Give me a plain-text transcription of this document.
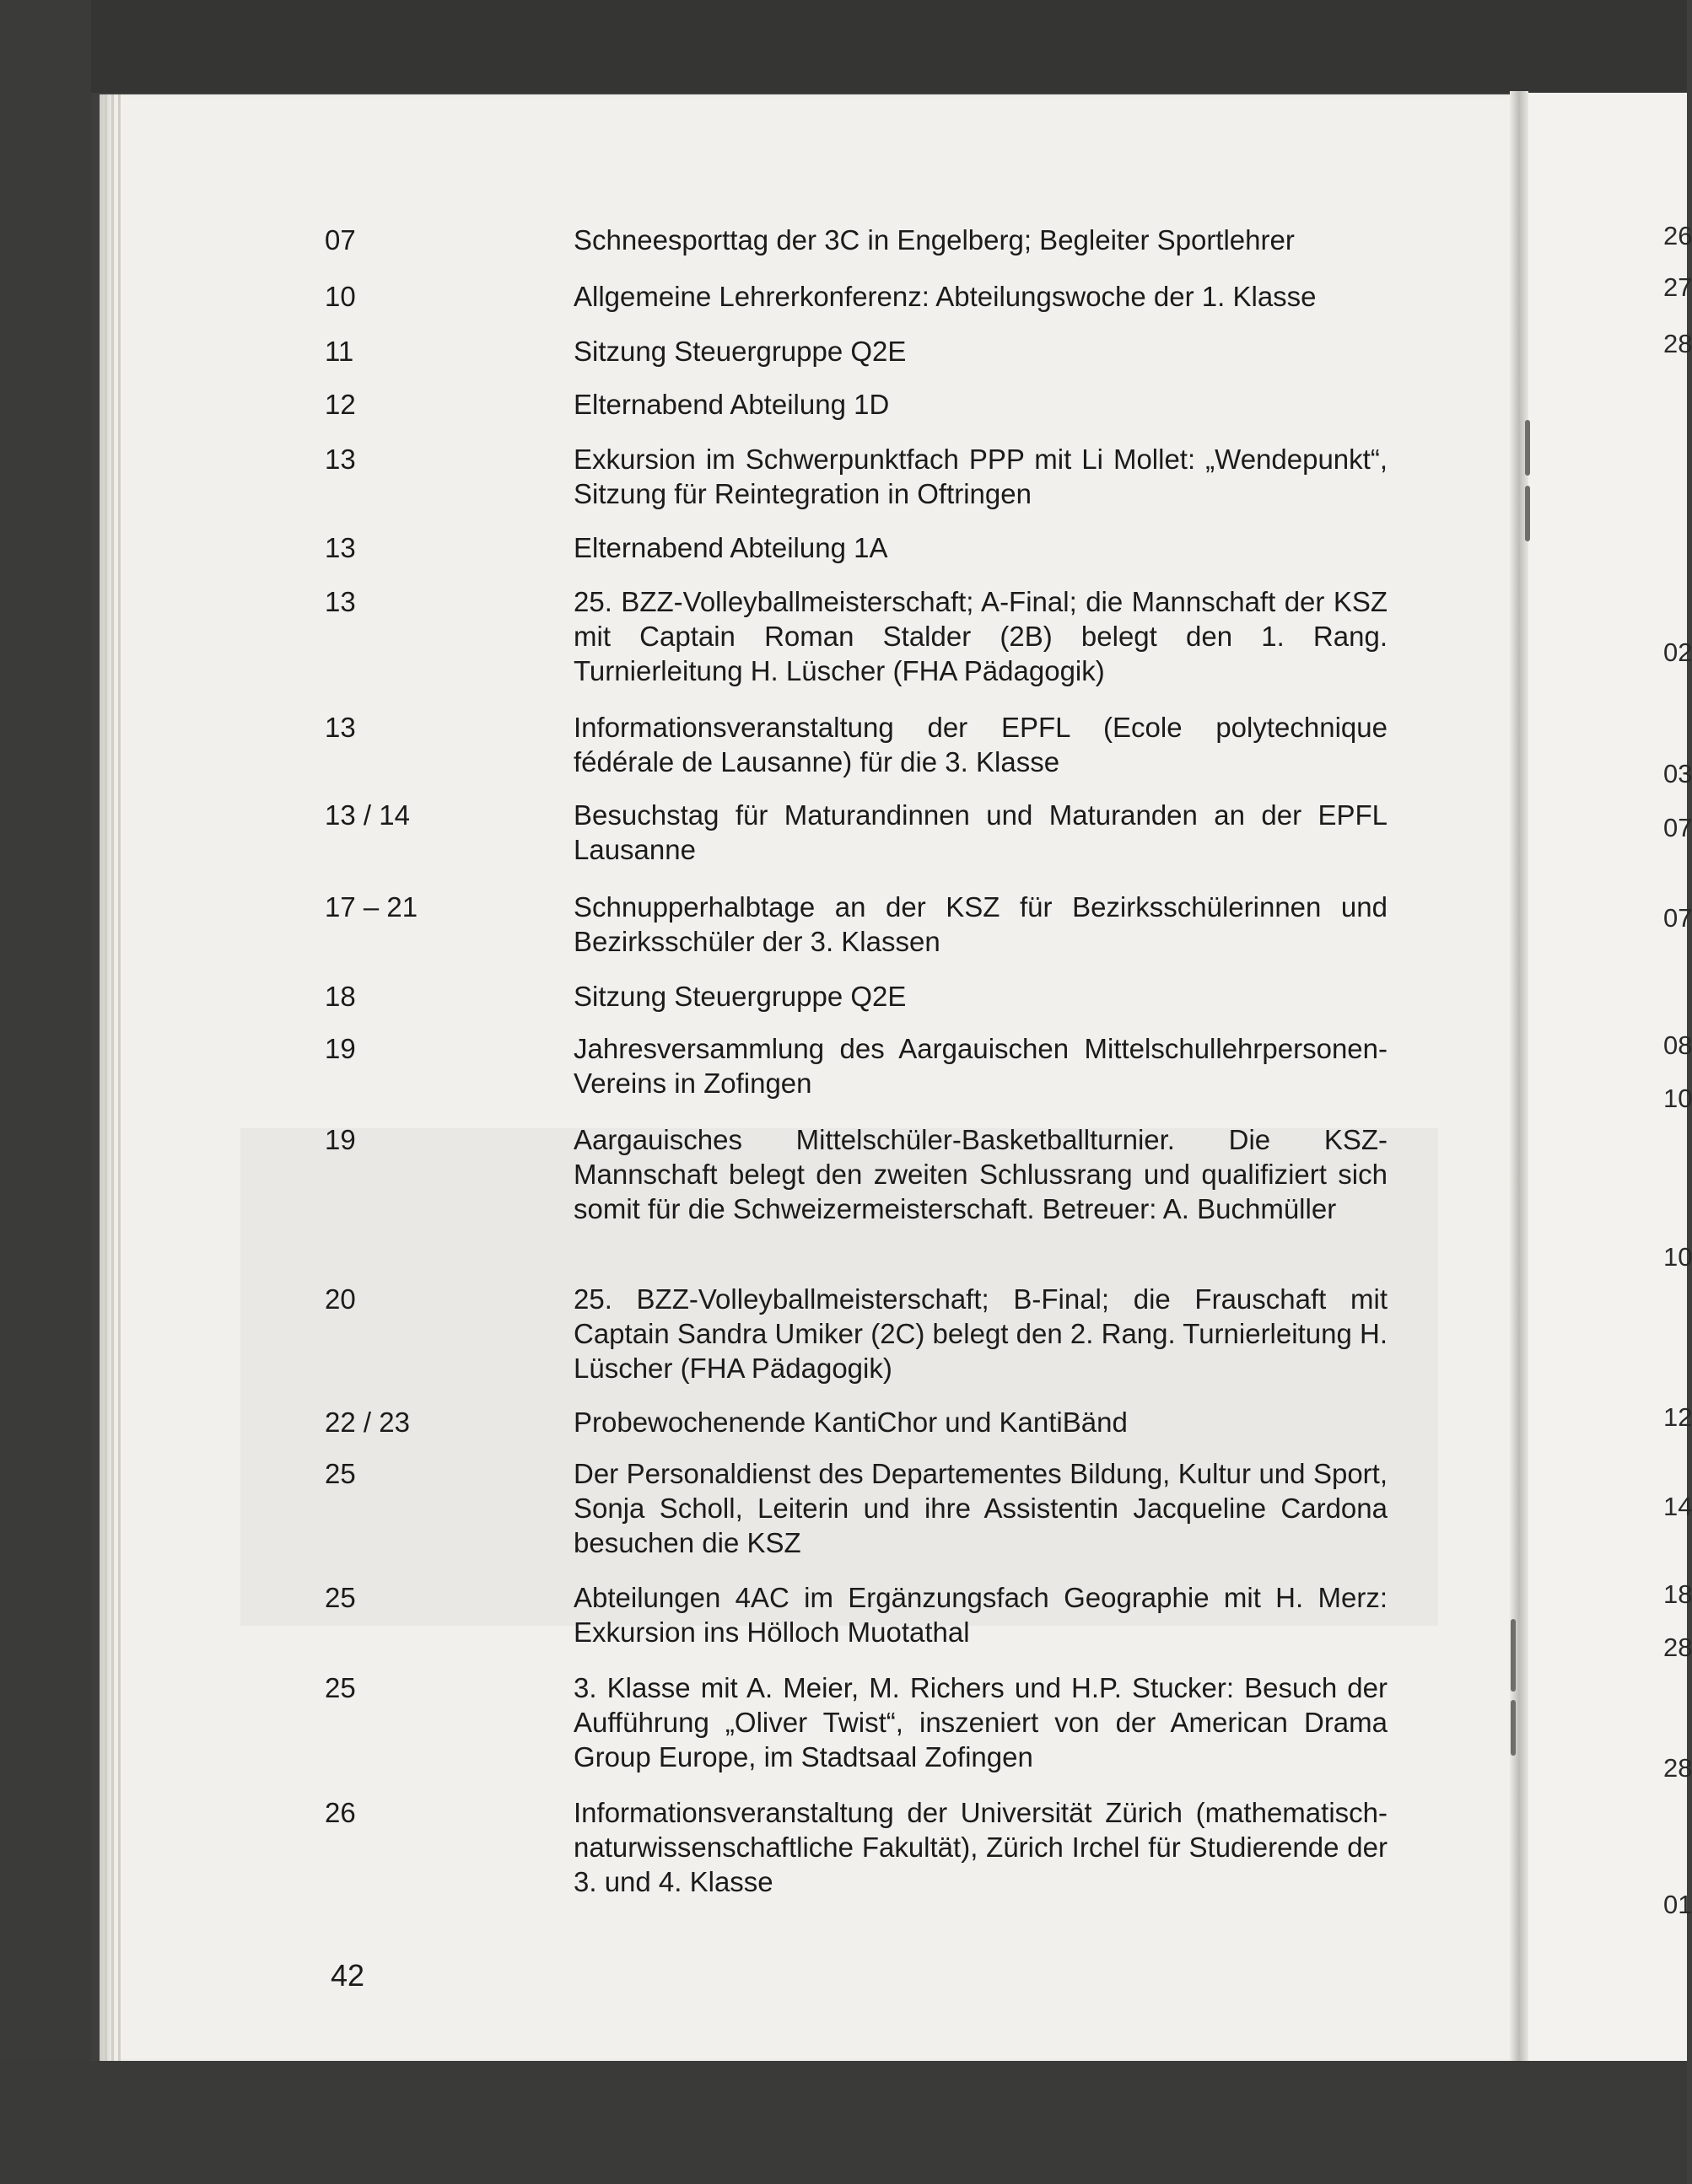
07	Schneesporttag der 3C in Engelberg; Begleiter Sportlehrer
10	Allgemeine Lehrerkonferenz: Abteilungswoche der 1. Klasse
11	Sitzung Steuergruppe Q2E
12	Elternabend Abteilung 1D
13	Exkursion im Schwerpunktfach PPP mit Li Mollet: „Wendepunkt“, Sitzung für Reintegration in Oftringen
13	Elternabend Abteilung 1A
13	25. BZZ-Volleyballmeisterschaft; A-Final; die Mannschaft der KSZ mit Captain Roman Stalder (2B) belegt den 1. Rang. Turnierleitung H. Lüscher (FHA Pädagogik)
13	Informationsveranstaltung der EPFL (Ecole polytechnique fédérale de Lausanne) für die 3. Klasse
13 / 14	Besuchstag für Maturandinnen und Maturanden an der EPFL Lausanne
17 – 21	Schnupperhalbtage an der KSZ für Bezirksschülerinnen und Bezirksschüler der 3. Klassen
18	Sitzung Steuergruppe Q2E
19	Jahresversammlung des Aargauischen Mittelschullehrpersonen-Vereins in Zofingen
19	Aargauisches Mittelschüler-Basketballturnier. Die KSZ-Mannschaft belegt den zweiten Schlussrang und qualifiziert sich somit für die Schweizermeisterschaft. Betreuer: A. Buchmüller
20	25. BZZ-Volleyballmeisterschaft; B-Final; die Frauschaft mit Captain Sandra Umiker (2C) belegt den 2. Rang. Turnierleitung H. Lüscher (FHA Pädagogik)
22 / 23	Probewochenende KantiChor und KantiBänd
25	Der Personaldienst des Departementes Bildung, Kultur und Sport, Sonja Scholl, Leiterin und ihre Assistentin Jacqueline Cardona besuchen die KSZ
25	Abteilungen 4AC im Ergänzungsfach Geographie mit H. Merz: Exkursion ins Hölloch Muotathal
25	3. Klasse mit A. Meier, M. Richers und H.P. Stucker: Besuch der Aufführung „Oliver Twist“, inszeniert von der American Drama Group Europe, im Stadtsaal Zofingen
26	Informationsveranstaltung der Universität Zürich (mathematisch-naturwissenschaftliche Fakultät), Zürich Irchel für Studierende der 3. und 4. Klasse
42
26
27
28
02
03
07
07
08
10
10
12
14
18
28
28
01
